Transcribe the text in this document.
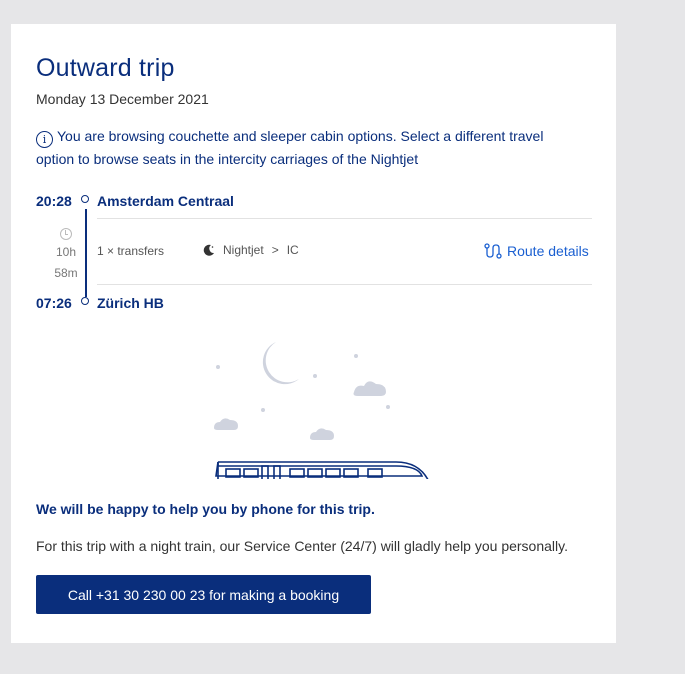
Outward trip
Monday 13 December 2021
i You are browsing couchette and sleeper cabin options. Select a different travel option to browse seats in the intercity carriages of the Nightjet
20:28 Amsterdam Centraal
10h
58m
1 × transfers	Nightjet > IC	Route details
07:26 Zürich HB
We will be happy to help you by phone for this trip.
For this trip with a night train, our Service Center (24/7) will gladly help you personally.
Call +31 30 230 00 23 for making a booking
